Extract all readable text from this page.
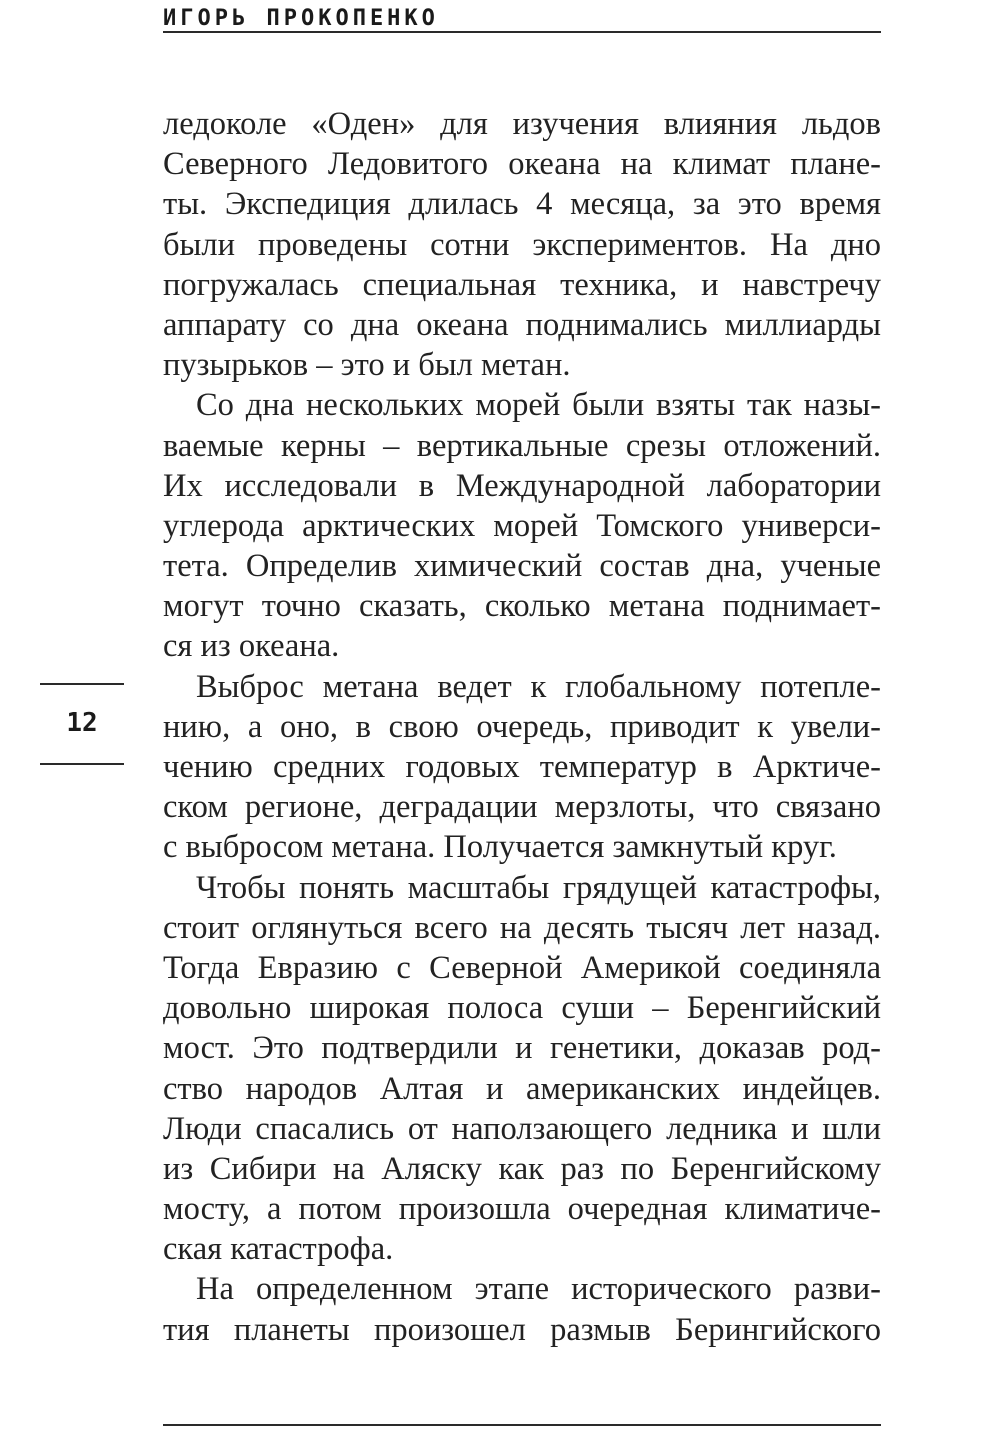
ИГОРЬ ПРОКОПЕНКО
12
ледоколе «Оден» для изучения влияния льдов
Северного Ледовитого океана на климат плане-
ты. Экспедиция длилась 4 месяца, за это время
были проведены сотни экспериментов. На дно
погружалась специальная техника, и навстречу
аппарату со дна океана поднимались миллиарды
пузырьков – это и был метан.
Со дна нескольких морей были взяты так назы-
ваемые керны – вертикальные срезы отложений.
Их исследовали в Международной лаборатории
углерода арктических морей Томского универси-
тета. Определив химический состав дна, ученые
могут точно сказать, сколько метана поднимает-
ся из океана.
Выброс метана ведет к глобальному потепле-
нию, а оно, в свою очередь, приводит к увели-
чению средних годовых температур в Арктиче-
ском регионе, деградации мерзлоты, что связано
с выбросом метана. Получается замкнутый круг.
Чтобы понять масштабы грядущей катастрофы,
стоит оглянуться всего на десять тысяч лет назад.
Тогда Евразию с Северной Америкой соединяла
довольно широкая полоса суши – Беренгийский
мост. Это подтвердили и генетики, доказав род-
ство народов Алтая и американских индейцев.
Люди спасались от наползающего ледника и шли
из Сибири на Аляску как раз по Беренгийскому
мосту, а потом произошла очередная климатиче-
ская катастрофа.
На определенном этапе исторического разви-
тия планеты произошел размыв Берингийского
